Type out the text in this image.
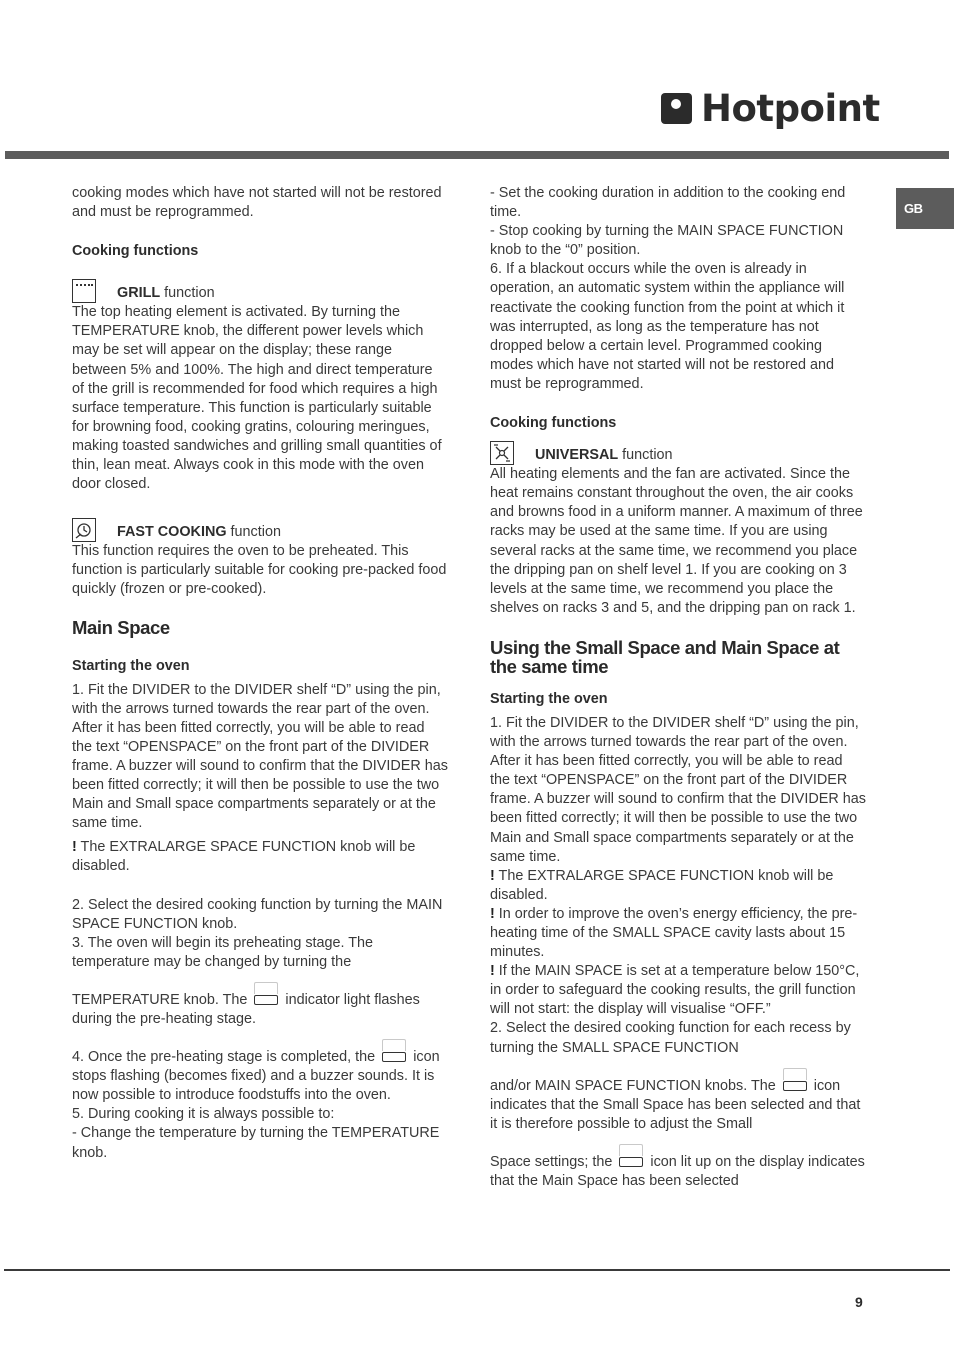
Hotpoint
GB

cooking modes which have not started will not be restored and must be reprogrammed.

Cooking functions

GRILL
function

The top heating element is activated. By turning the TEMPERATURE knob, the different power levels which may be set will appear on the display; these range between 5% and 100%. The high and direct temperature of the grill is recommended for food which requires a high surface temperature. This function is particularly suitable for browning food, cooking gratins, colouring meringues, making toasted sandwiches and grilling small quantities of thin, lean meat. Always cook in this mode with the oven door closed.

FAST COOKING
function

This function requires the oven to be preheated. This function is particularly suitable for cooking pre-packed food quickly (frozen or pre-cooked).

Main Space

Starting the oven

1. Fit the DIVIDER to the DIVIDER shelf “D” using the pin, with the arrows turned towards the rear part of the oven. After it has been fitted correctly, you will be able to read the text “OPENSPACE” on the front part of the DIVIDER frame. A buzzer will sound to confirm that the DIVIDER has been fitted correctly; it will then be possible to use the two Main and Small space compartments separately or at the same time.

! The EXTRALARGE SPACE FUNCTION knob will be disabled.

2. Select the desired cooking function by turning the MAIN SPACE FUNCTION knob.

3. The oven will begin its preheating stage. The temperature may be changed by turning the

TEMPERATURE knob. The	indicator light flashes during the pre-heating stage.

4. Once the pre-heating stage is completed, the	icon stops flashing (becomes fixed) and a buzzer sounds. It is now possible to introduce foodstuffs into the oven.

5. During cooking it is always possible to:

- Change the temperature by turning the TEMPERATURE knob.

- Set the cooking duration in addition to the cooking end time.

- Stop cooking by turning the MAIN SPACE FUNCTION knob to the “0” position.

6. If a blackout occurs while the oven is already in operation, an automatic system within the appliance will reactivate the cooking function from the point at which it was interrupted, as long as the temperature has not dropped below a certain level. Programmed cooking modes which have not started will not be restored and must be reprogrammed.

Cooking functions

UNIVERSAL
function

All heating elements and the fan are activated. Since the heat remains constant throughout the oven, the air cooks and browns food in a uniform manner. A maximum of three racks may be used at the same time. If you are using several racks at the same time, we recommend you place the dripping pan on shelf level 1. If you are cooking on 3 levels at the same time, we recommend you place the shelves on racks 3 and 5, and the dripping pan on rack 1.

Using the Small Space and Main Space at the same time

Starting the oven

1. Fit the DIVIDER to the DIVIDER shelf “D” using the pin, with the arrows turned towards the rear part of the oven. After it has been fitted correctly, you will be able to read the text “OPENSPACE” on the front part of the DIVIDER frame. A buzzer will sound to confirm that the DIVIDER has been fitted correctly; it will then be possible to use the two Main and Small space compartments separately or at the same time.

! The EXTRALARGE SPACE FUNCTION knob will be disabled.

! In order to improve the oven’s energy efficiency, the pre-heating time of the SMALL SPACE cavity lasts about 15 minutes.

! If the MAIN SPACE is set at a temperature below 150°C, in order to safeguard the cooking results, the grill function will not start: the display will visualise “OFF.”

2. Select the desired cooking function for each recess by turning the SMALL SPACE FUNCTION

and/or MAIN SPACE FUNCTION knobs. The	icon indicates that the Small Space has been selected and that it is therefore possible to adjust the Small

Space settings; the	icon lit up on the display indicates that the Main Space has been selected

9
